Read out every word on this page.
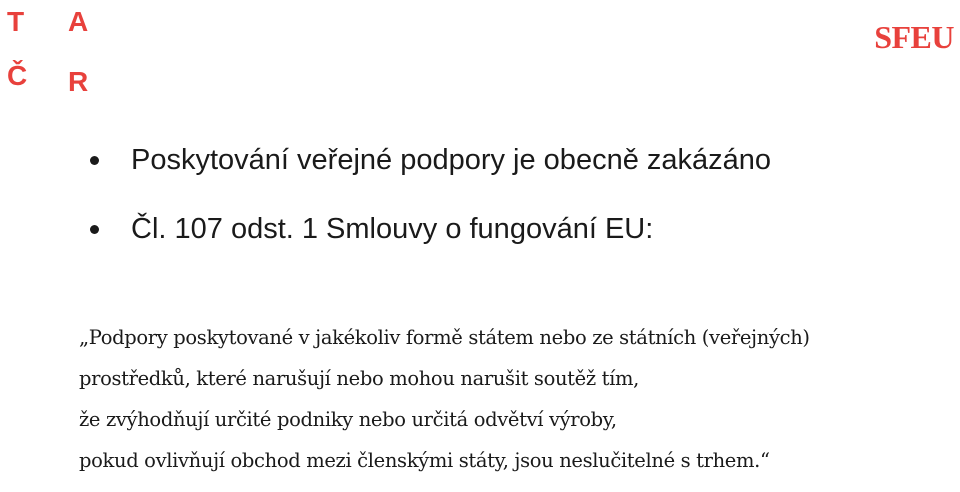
T A
Č R
SFEU
Poskytování veřejné podpory je obecně zakázáno
Čl. 107 odst. 1 Smlouvy o fungování EU:
„Podpory poskytované v jakékoliv formě státem nebo ze státních (veřejných)
prostředků, které narušují nebo mohou narušit soutěž tím,
že zvýhodňují určité podniky nebo určitá odvětví výroby,
pokud ovlivňují obchod mezi členskými státy, jsou neslučitelné s trhem.“
